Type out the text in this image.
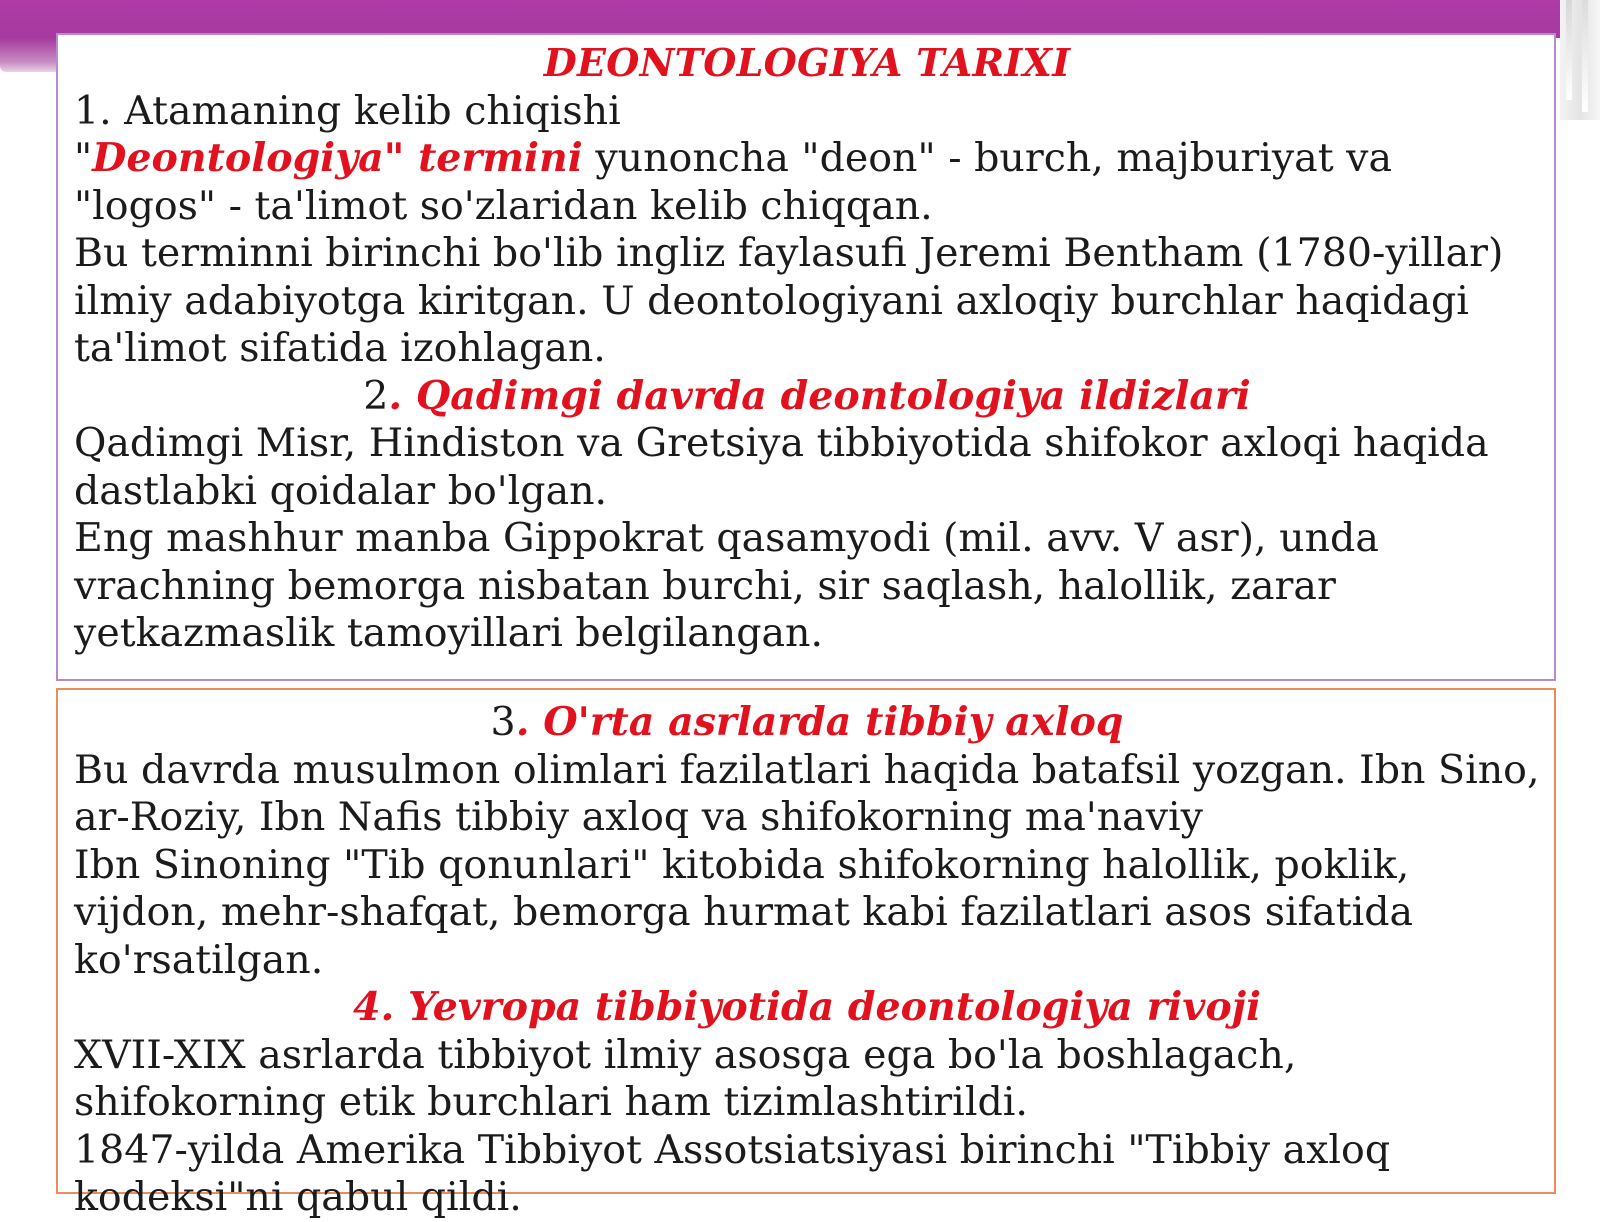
DEONTOLOGIYA TARIXI

1. Atamaning kelib chiqishi

"Deontologiya" termini yunoncha "deon" - burch, majburiyat va "logos" - ta'limot so'zlaridan kelib chiqqan.

Bu terminni birinchi bo'lib ingliz faylasufi Jeremi Bentham (1780-yillar) ilmiy adabiyotga kiritgan. U deontologiyani axloqiy burchlar haqidagi ta'limot sifatida izohlagan.

2. Qadimgi davrda deontologiya ildizlari

Qadimgi Misr, Hindiston va Gretsiya tibbiyotida shifokor axloqi haqida dastlabki qoidalar bo'lgan.

Eng mashhur manba Gippokrat qasamyodi (mil. avv. V asr), unda vrachning bemorga nisbatan burchi, sir saqlash, halollik, zarar yetkazmaslik tamoyillari belgilangan.

3. O'rta asrlarda tibbiy axloq

Bu davrda musulmon olimlari fazilatlari haqida batafsil yozgan. Ibn Sino, ar-Roziy, Ibn Nafis tibbiy axloq va shifokorning ma'naviy

Ibn Sinoning "Tib qonunlari" kitobida shifokorning halollik, poklik, vijdon, mehr-shafqat, bemorga hurmat kabi fazilatlari asos sifatida ko'rsatilgan.

4. Yevropa tibbiyotida deontologiya rivoji

XVII-XIX asrlarda tibbiyot ilmiy asosga ega bo'la boshlagach, shifokorning etik burchlari ham tizimlashtirildi.

1847-yilda Amerika Tibbiyot Assotsiatsiyasi birinchi "Tibbiy axloq kodeksi"ni qabul qildi.
